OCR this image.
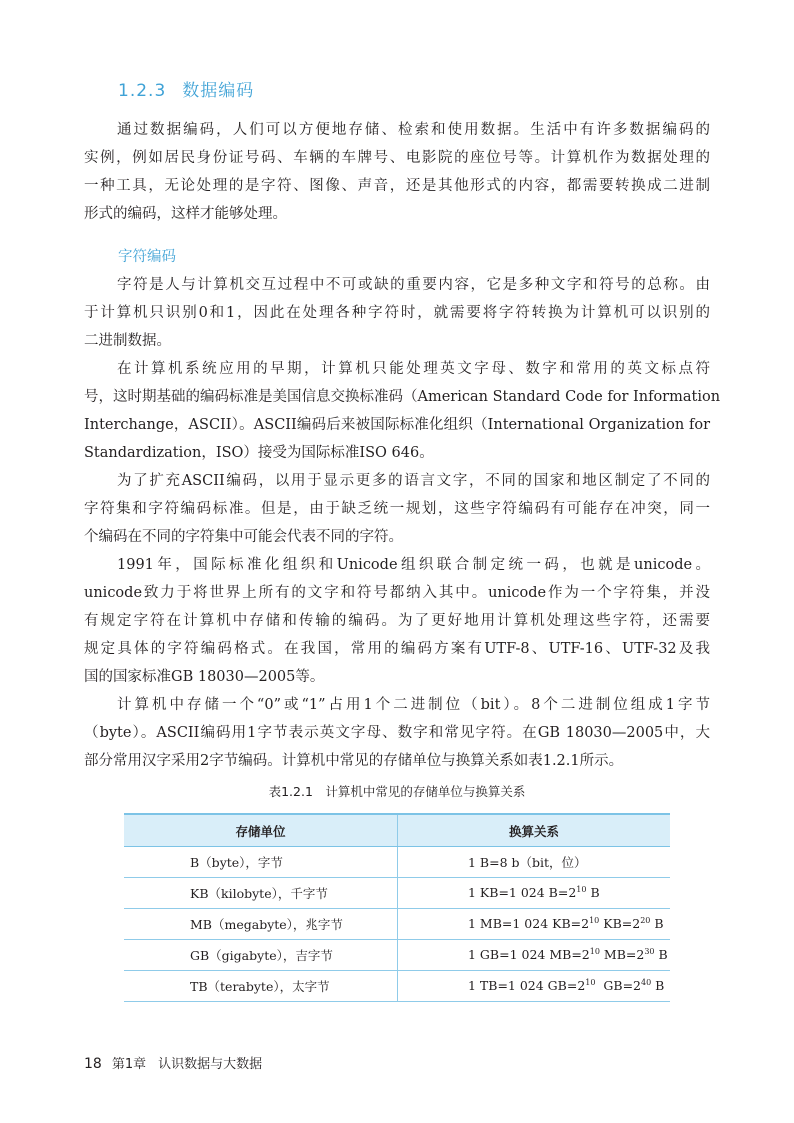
1.2.3 数据编码
通过数据编码，人们可以方便地存储、检索和使用数据。生活中有许多数据编码的
实例，例如居民身份证号码、车辆的车牌号、电影院的座位号等。计算机作为数据处理的
一种工具，无论处理的是字符、图像、声音，还是其他形式的内容，都需要转换成二进制
形式的编码，这样才能够处理。
字符编码
字符是人与计算机交互过程中不可或缺的重要内容，它是多种文字和符号的总称。由
于计算机只识别0和1，因此在处理各种字符时，就需要将字符转换为计算机可以识别的
二进制数据。
在计算机系统应用的早期，计算机只能处理英文字母、数字和常用的英文标点符
号，这时期基础的编码标准是美国信息交换标准码（American Standard Code for Information
Interchange，ASCII）。ASCII编码后来被国际标准化组织（International Organization for
Standardization，ISO）接受为国际标准ISO 646。
为了扩充ASCII编码，以用于显示更多的语言文字，不同的国家和地区制定了不同的
字符集和字符编码标准。但是，由于缺乏统一规划，这些字符编码有可能存在冲突，同一
个编码在不同的字符集中可能会代表不同的字符。
1991年，国际标准化组织和Unicode组织联合制定统一码，也就是unicode。
unicode致力于将世界上所有的文字和符号都纳入其中。unicode作为一个字符集，并没
有规定字符在计算机中存储和传输的编码。为了更好地用计算机处理这些字符，还需要
规定具体的字符编码格式。在我国，常用的编码方案有UTF-8、UTF-16、UTF-32及我
国的国家标准GB 18030—2005等。
计算机中存储一个“0”或“1”占用1个二进制位（bit）。8个二进制位组成1字节
（byte）。ASCII编码用1字节表示英文字母、数字和常见字符。在GB 18030—2005中，大
部分常用汉字采用2字节编码。计算机中常见的存储单位与换算关系如表1.2.1所示。
表1.2.1　计算机中常见的存储单位与换算关系
存储单位	换算关系
B（byte），字节	1 B=8 b（bit，位）
KB（kilobyte），千字节	1 KB=1 024 $B=2^{10}$ B
MB（megabyte），兆字节	1 MB=1 024 $KB=2^{10}$ $KB=2^{20}$ B
GB（gigabyte），吉字节	1 GB=1 024 $MB=2^{10}$ $MB=2^{30}$ B
TB（terabyte），太字节	1 TB=1 024 $GB=2^{10}$  $GB=2^{40}$ B
18 第1章 认识数据与大数据
